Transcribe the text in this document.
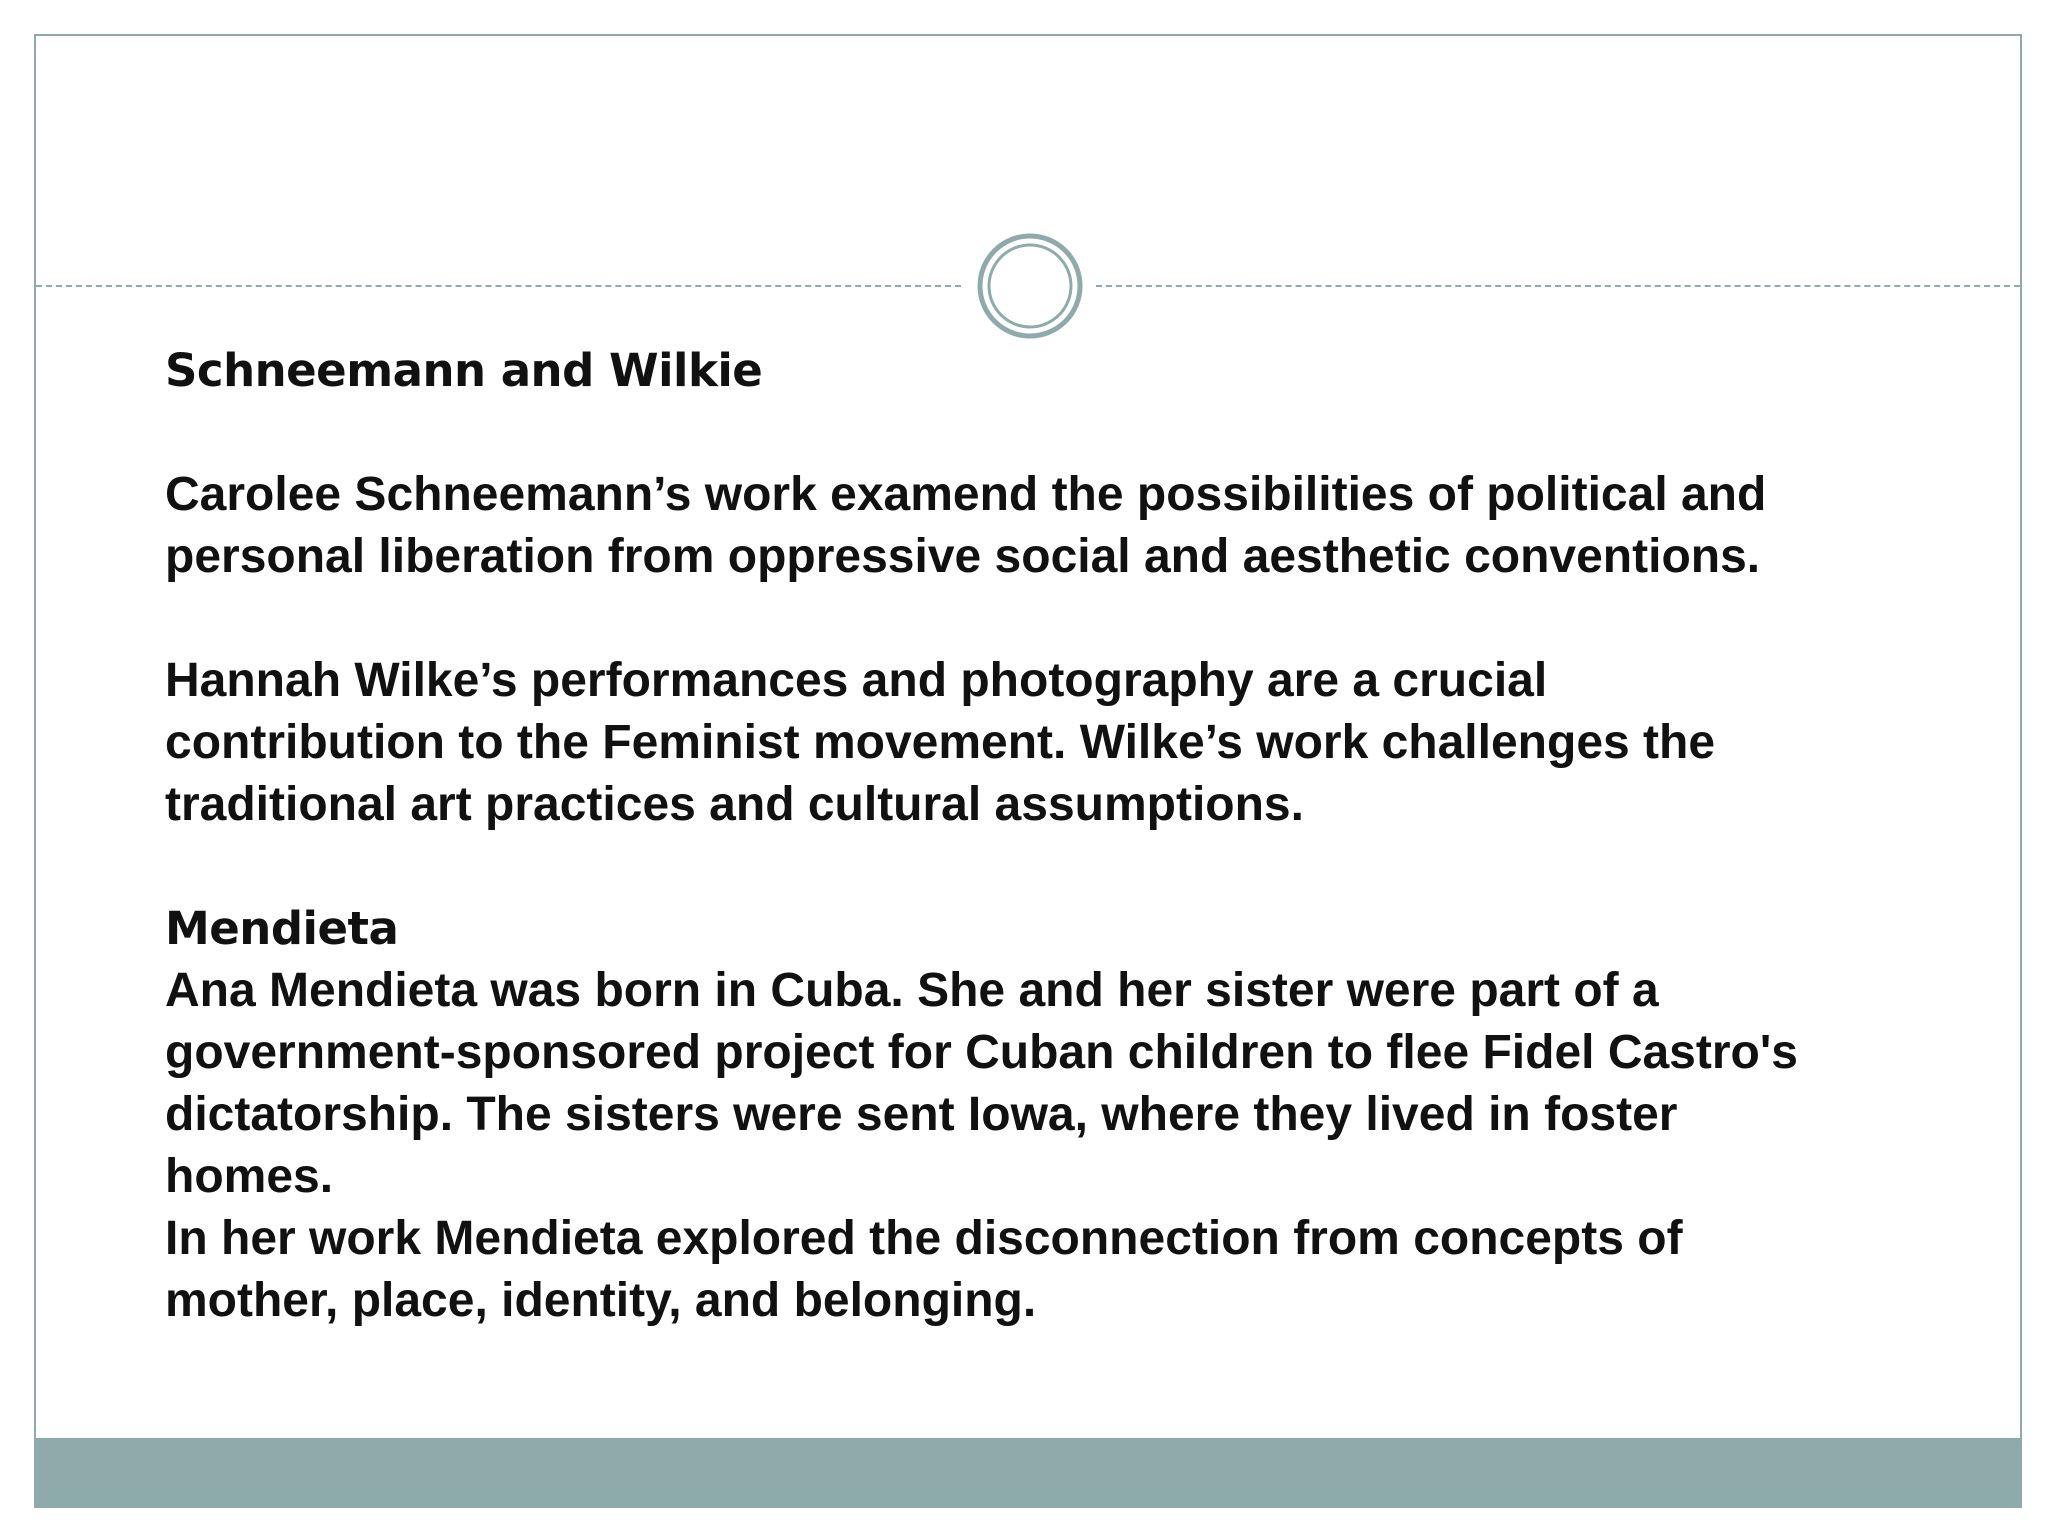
Schneemann and Wilkie

Carolee Schneemann’s work examend the possibilities of political and
personal liberation from oppressive social and aesthetic conventions.

Hannah Wilke’s performances and photography are a crucial
contribution to the Feminist movement. Wilke’s work challenges the
traditional art practices and cultural assumptions.

Mendieta

Ana Mendieta was born in Cuba. She and her sister were part of a
government-sponsored project for Cuban children to flee Fidel Castro's
dictatorship. The sisters were sent Iowa, where they lived in foster
homes.
In her work Mendieta explored the disconnection from concepts of
mother, place, identity, and belonging.
